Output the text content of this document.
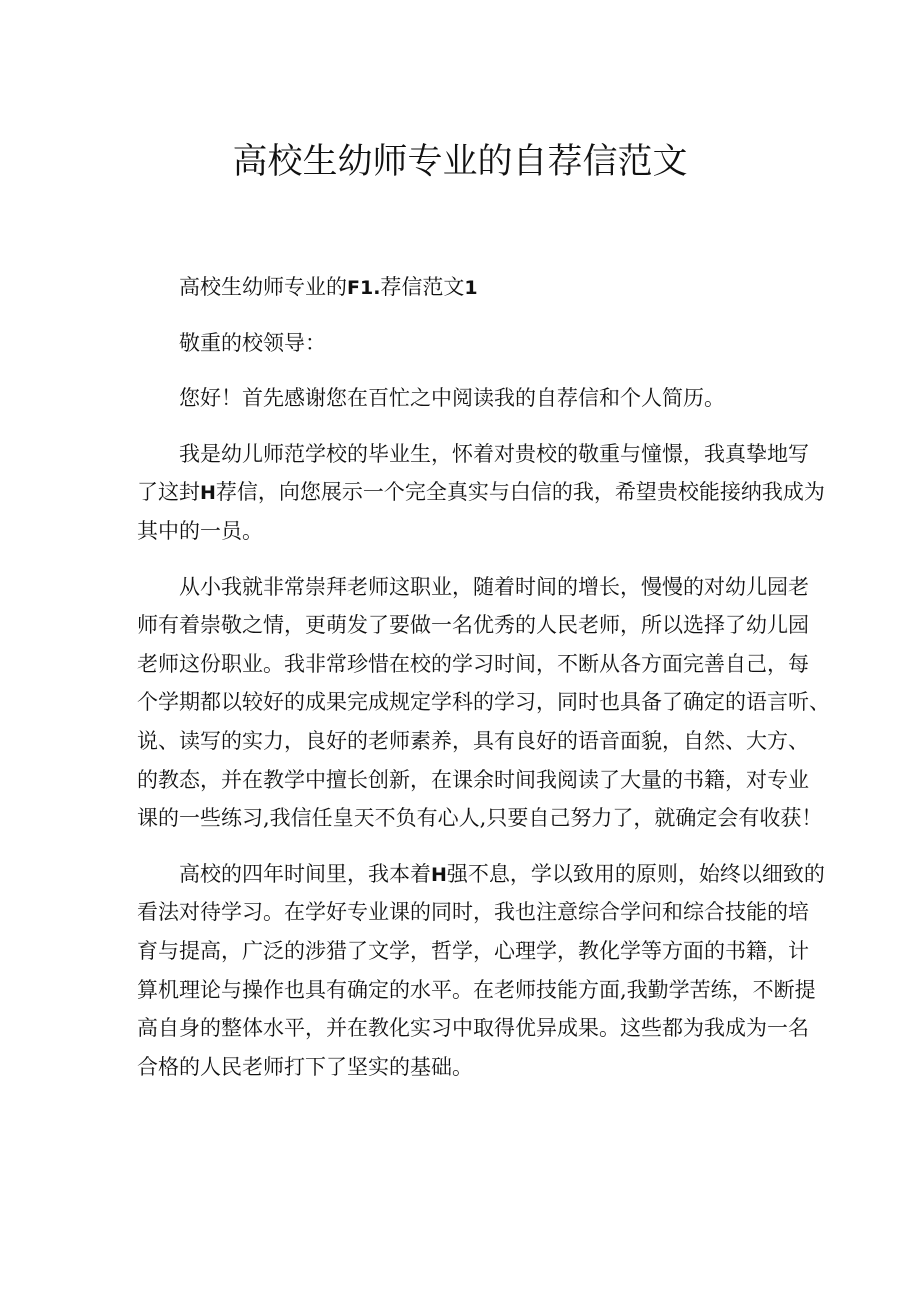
高校生幼师专业的自荐信范文
高校生幼师专业的F1.荐信范文1
敬重的校领导：
您好！首先感谢您在百忙之中阅读我的自荐信和个人简历。
我是幼儿师范学校的毕业生，怀着对贵校的敬重与憧憬，我真挚地写
了这封H荐信，向您展示一个完全真实与白信的我，希望贵校能接纳我成为
其中的一员。
从小我就非常崇拜老师这职业，随着时间的增长，慢慢的对幼儿园老
师有着崇敬之情，更萌发了要做一名优秀的人民老师，所以选择了幼儿园
老师这份职业。我非常珍惜在校的学习时间，不断从各方面完善自己，每
个学期都以较好的成果完成规定学科的学习，同时也具备了确定的语言听、
说、读写的实力，良好的老师素养，具有良好的语音面貌，自然、大方、
的教态，并在教学中擅长创新，在课余时间我阅读了大量的书籍，对专业
课的一些练习,我信任皇天不负有心人,只要自己努力了，就确定会有收获！
高校的四年时间里，我本着H强不息，学以致用的原则，始终以细致的
看法对待学习。在学好专业课的同时，我也注意综合学问和综合技能的培
育与提高，广泛的涉猎了文学，哲学，心理学，教化学等方面的书籍，计
算机理论与操作也具有确定的水平。在老师技能方面,我勤学苦练，不断提
高自身的整体水平，并在教化实习中取得优异成果。这些都为我成为一名
合格的人民老师打下了坚实的基础。
